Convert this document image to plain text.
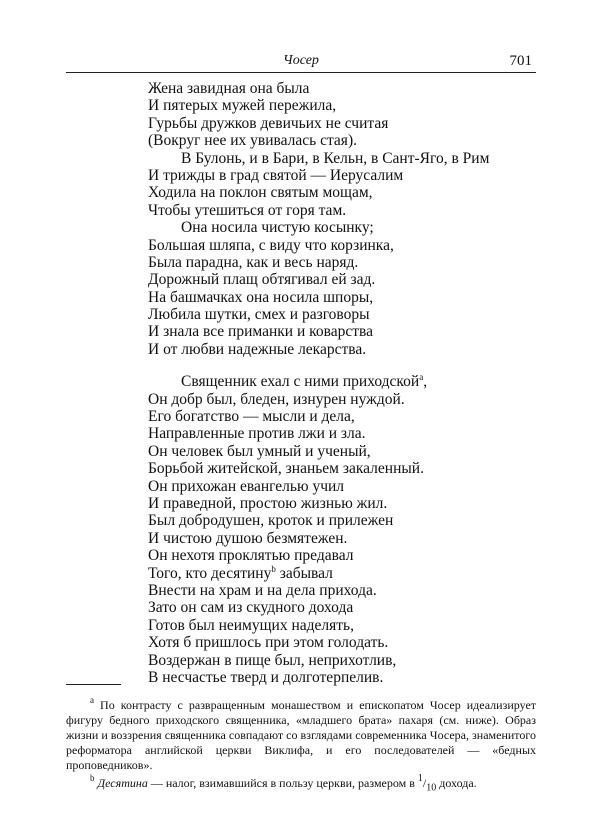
Чосер	701
Жена завидная она была
И пятерых мужей пережила,
Гурьбы дружков девичьих не считая
(Вокруг нее их увивалась стая).
В Булонь, и в Бари, в Кельн, в Сант-Яго, в Рим
И трижды в град святой — Иерусалим
Ходила на поклон святым мощам,
Чтобы утешиться от горя там.
Она носила чистую косынку;
Большая шляпа, с виду что корзинка,
Была парадна, как и весь наряд.
Дорожный плащ обтягивал ей зад.
На башмачках она носила шпоры,
Любила шутки, смех и разговоры
И знала все приманки и коварства
И от любви надежные лекарства.
Священник ехал с ними приходской$^а$,
Он добр был, бледен, изнурен нуждой.
Его богатство — мысли и дела,
Направленные против лжи и зла.
Он человек был умный и ученый,
Борьбой житейской, знаньем закаленный.
Он прихожан евангелью учил
И праведной, простою жизнью жил.
Был добродушен, кроток и прилежен
И чистою душою безмятежен.
Он нехотя проклятью предавал
Того, кто десятину$^b$ забывал
Внести на храм и на дела прихода.
Зато он сам из скудного дохода
Готов был неимущих наделять,
Хотя б пришлось при этом голодать.
Воздержан в пище был, неприхотлив,
В несчастье тверд и долготерпелив.
$^а$ По контрасту с развращенным монашеством и епископатом Чосер идеализирует фигуру бедного приходского священника, «младшего брата» пахаря (см. ниже). Образ жизни и воззрения священника совпадают со взглядами современника Чосера, знаменитого реформатора английской церкви Виклифа, и его последователей — «бедных проповедников».
$^b$ Десятина — налог, взимавшийся в пользу церкви, размером в $^1/_{10}$ дохода.
